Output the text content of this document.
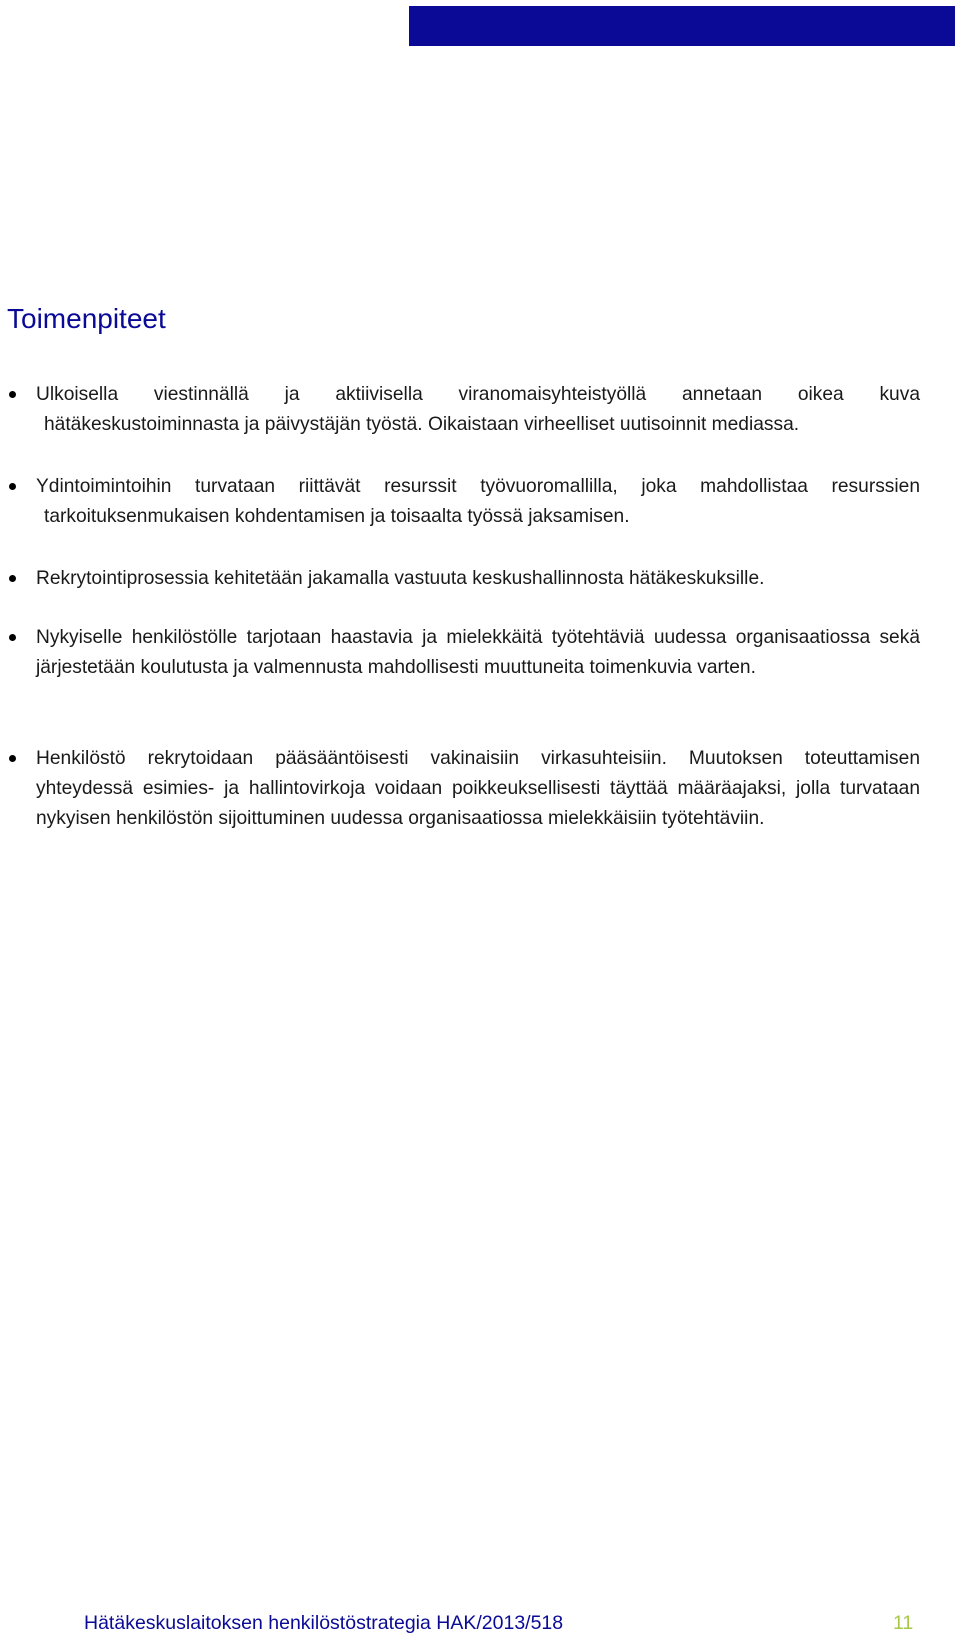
Toimenpiteet

Ulkoisella viestinnällä ja aktiivisella viranomaisyhteistyöllä annetaan oikea kuva
hätäkeskustoiminnasta ja päivystäjän työstä. Oikaistaan virheelliset uutisoinnit mediassa.

Ydintoimintoihin turvataan riittävät resurssit työvuoromallilla, joka mahdollistaa resurssien
tarkoituksenmukaisen kohdentamisen ja toisaalta työssä jaksamisen.

Rekrytointiprosessia kehitetään jakamalla vastuuta keskushallinnosta hätäkeskuksille.

Nykyiselle henkilöstölle tarjotaan haastavia ja mielekkäitä työtehtäviä uudessa organisaatiossa sekä järjestetään koulutusta ja valmennusta mahdollisesti muuttuneita toimenkuvia varten.

Henkilöstö rekrytoidaan pääsääntöisesti vakinaisiin virkasuhteisiin. Muutoksen toteuttamisen yhteydessä esimies- ja hallintovirkoja voidaan poikkeuksellisesti täyttää määräajaksi, jolla turvataan nykyisen henkilöstön sijoittuminen uudessa organisaatiossa mielekkäisiin työtehtäviin.

Hätäkeskuslaitoksen henkilöstöstrategia HAK/2013/518	11
